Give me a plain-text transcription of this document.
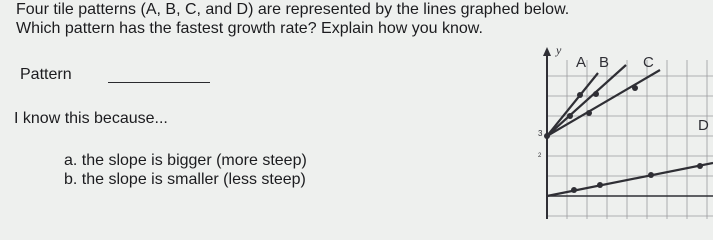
Four tile patterns (A, B, C, and D) are represented by the lines graphed below.
Which pattern has the fastest growth rate? Explain how you know.
Pattern
I know this because...
a. the slope is bigger (more steep)
b. the slope is smaller (less steep)
y
A B C
D
3
2
